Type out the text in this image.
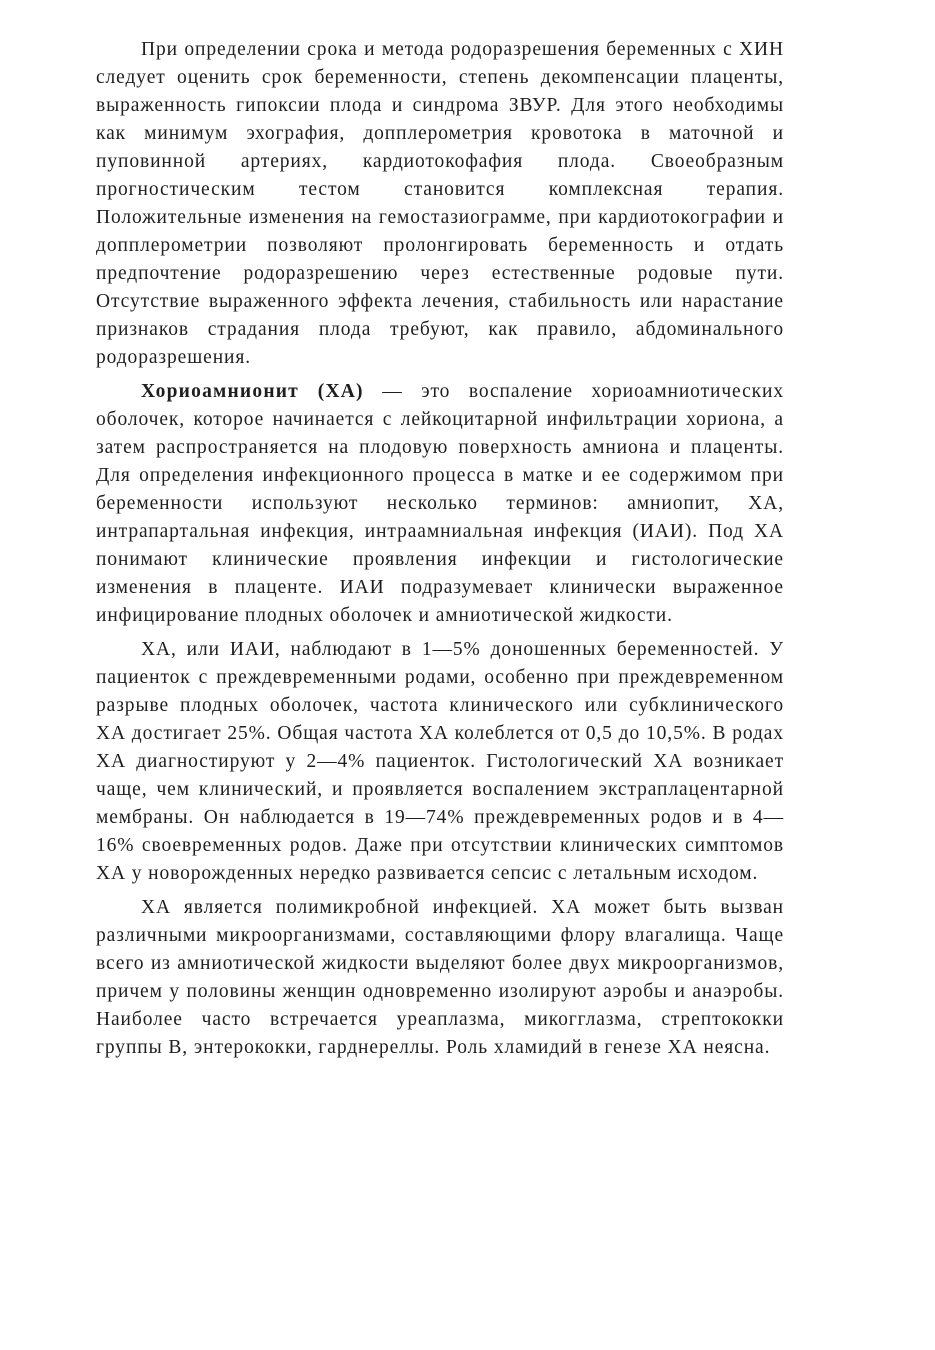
При определении срока и метода родоразрешения беременных с ХИН следует оценить срок беременности, степень декомпенсации плаценты, выраженность гипоксии плода и синдрома ЗВУР. Для этого необходимы как минимум эхография, допплерометрия кровотока в маточной и пуповинной артериях, кардиотокофафия плода. Своеобразным прогностическим тестом становится комплексная терапия. Положительные изменения на гемостазиограмме, при кардиотокографии и допплерометрии позволяют пролонгировать беременность и отдать предпочтение родоразрешению через естественные родовые пути. Отсутствие выраженного эффекта лечения, стабильность или нарастание признаков страдания плода требуют, как правило, абдоминального родоразрешения.

Хориоамнионит (ХА) — это воспаление хориоамниотических оболочек, которое начинается с лейкоцитарной инфильтрации хориона, а затем распространяется на плодовую поверхность амниона и плаценты. Для определения инфекционного процесса в матке и ее содержимом при беременности используют несколько терминов: амниопит, ХА, интрапартальная инфекция, интраамниальная инфекция (ИАИ). Под ХА понимают клинические проявления инфекции и гистологические изменения в плаценте. ИАИ подразумевает клинически выраженное инфицирование плодных оболочек и амниотической жидкости.

ХА, или ИАИ, наблюдают в 1—5% доношенных беременностей. У пациенток с преждевременными родами, особенно при преждевременном разрыве плодных оболочек, частота клинического или субклинического ХА достигает 25%. Общая частота ХА колеблется от 0,5 до 10,5%. В родах ХА диагностируют у 2—4% пациенток. Гистологический ХА возникает чаще, чем клинический, и проявляется воспалением экстраплацентарной мембраны. Он наблюдается в 19—74% преждевременных родов и в 4—16% своевременных родов. Даже при отсутствии клинических симптомов ХА у новорожденных нередко развивается сепсис с летальным исходом.

ХА является полимикробной инфекцией. ХА может быть вызван различными микроорганизмами, составляющими флору влагалища. Чаще всего из амниотической жидкости выделяют более двух микроорганизмов, причем у половины женщин одновременно изолируют аэробы и анаэробы. Наиболее часто встречается уреаплазма, микогглазма, стрептококки группы В, энтерококки, гарднереллы. Роль хламидий в генезе ХА неясна.
